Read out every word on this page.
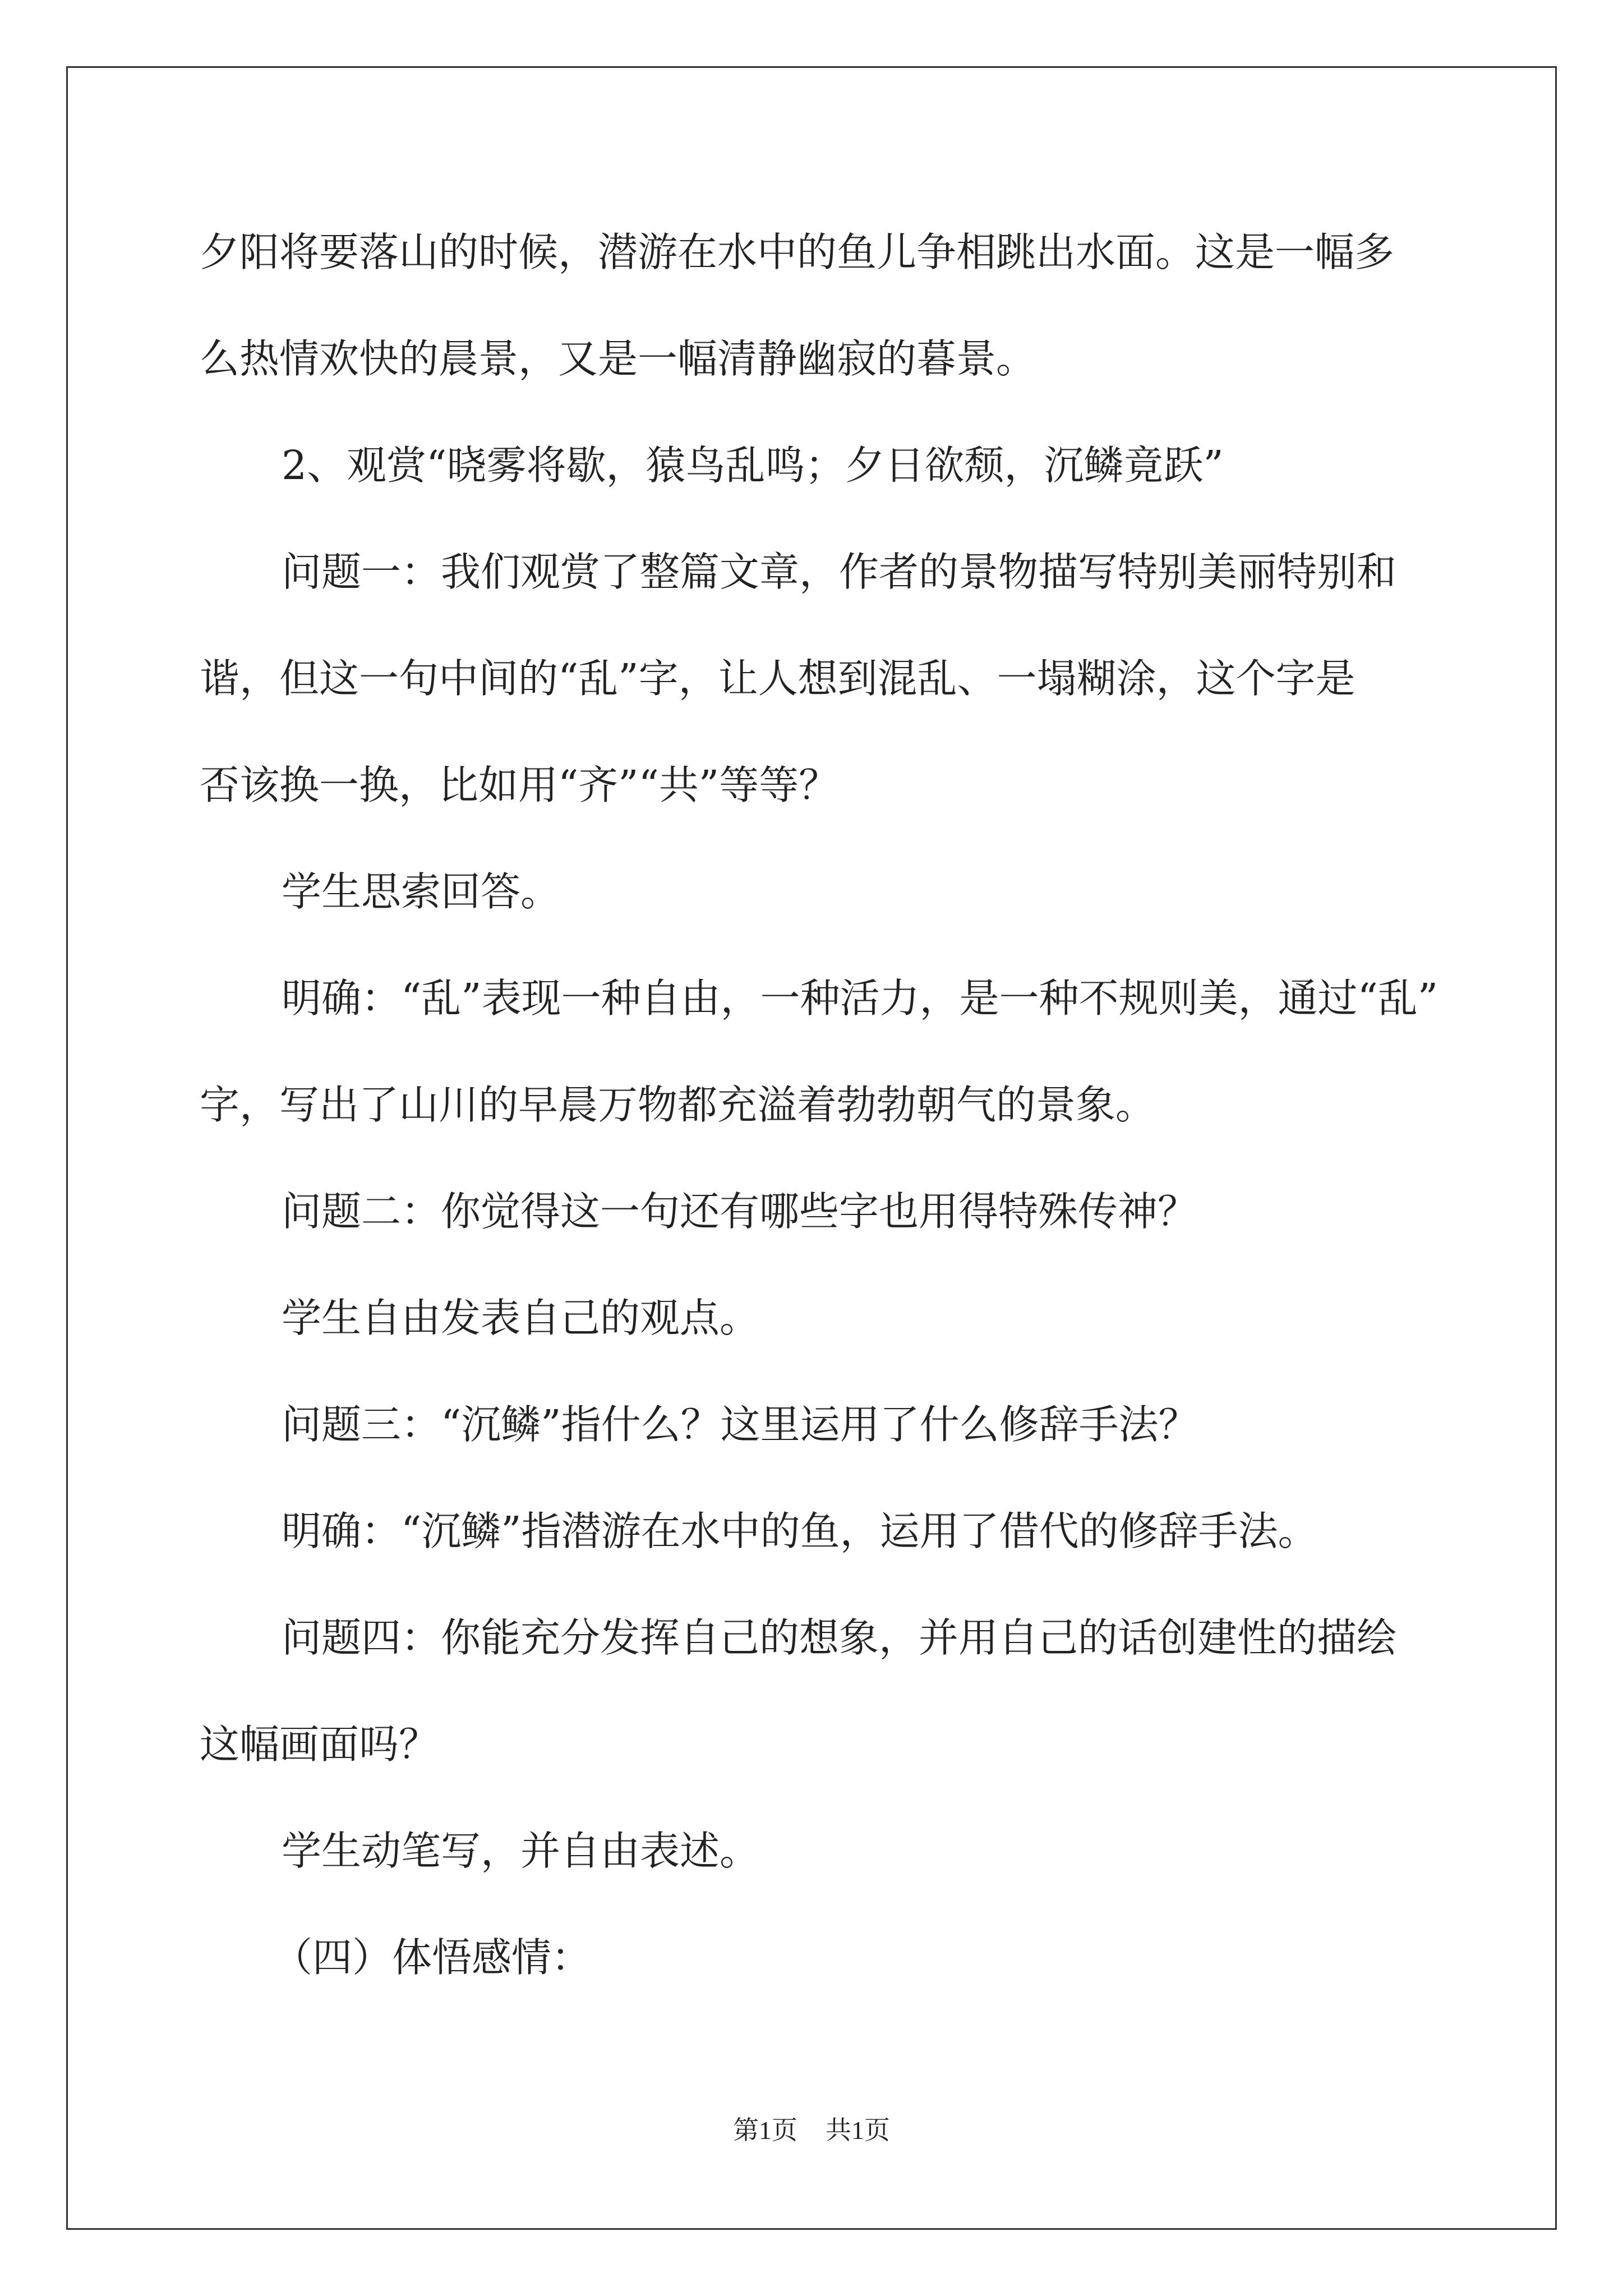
夕阳将要落山的时候，潜游在水中的鱼儿争相跳出水面。这是一幅多
么热情欢快的晨景，又是一幅清静幽寂的暮景。
2、观赏“晓雾将歇，猿鸟乱鸣；夕日欲颓，沉鳞竟跃”
问题一：我们观赏了整篇文章，作者的景物描写特别美丽特别和
谐，但这一句中间的“乱”字，让人想到混乱、一塌糊涂，这个字是
否该换一换，比如用“齐”“共”等等？
学生思索回答。
明确：“乱”表现一种自由，一种活力，是一种不规则美，通过“乱”
字，写出了山川的早晨万物都充溢着勃勃朝气的景象。
问题二：你觉得这一句还有哪些字也用得特殊传神？
学生自由发表自己的观点。
问题三：“沉鳞”指什么？这里运用了什么修辞手法？
明确：“沉鳞”指潜游在水中的鱼，运用了借代的修辞手法。
问题四：你能充分发挥自己的想象，并用自己的话创建性的描绘
这幅画面吗？
学生动笔写，并自由表述。
（四）体悟感情：
第1页 共1页
